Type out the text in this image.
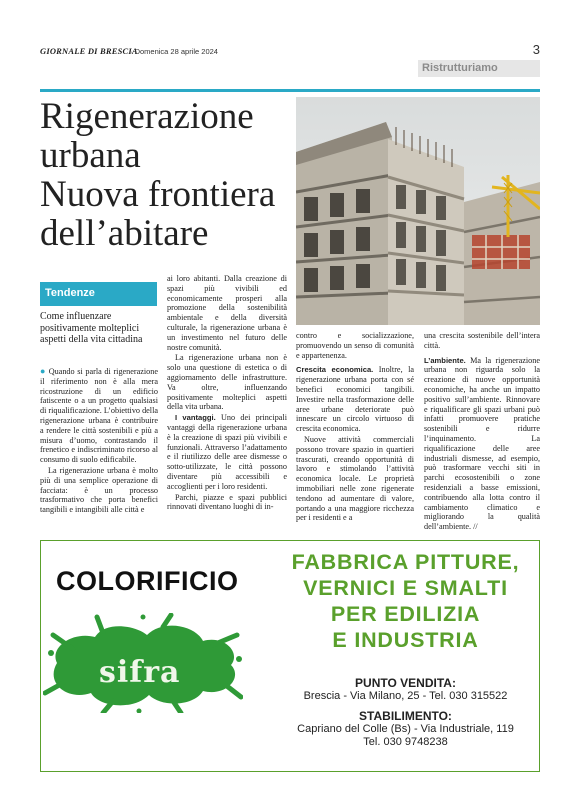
GIORNALE DI BRESCIA
· Domenica 28 aprile 2024	3
Ristrutturiamo
Rigenerazione
urbana
Nuova frontiera
dell’abitare
Tendenze
Come influenzare positivamente molteplici aspetti della vita cittadina

● Quando si parla di rigenerazione il riferimento non è alla mera ricostruzione di un edificio fatiscente o a un progetto qualsiasi di riqualificazione. L’obiettivo della rigenerazione urbana è contribuire a rendere le città sostenibili e più a misura d’uomo, contrastando il frenetico e indiscriminato ricorso al consumo di suolo edificabile.

La rigenerazione urbana è molto più di una semplice operazione di facciata: è un processo trasformativo che porta benefici tangibili e intangibili alle città e

ai loro abitanti. Dalla creazione di spazi più vivibili ed economicamente prosperi alla promozione della sostenibilità ambientale e della diversità culturale, la rigenerazione urbana è un investimento nel futuro delle nostre comunità.

La rigenerazione urbana non è solo una questione di estetica o di aggiornamento delle infrastrutture. Va oltre, influenzando positivamente molteplici aspetti della vita urbana.

I vantaggi. Uno dei principali vantaggi della rigenerazione urbana è la creazione di spazi più vivibili e funzionali. Attraverso l’adattamento e il riutilizzo delle aree dismesse o sotto-utilizzate, le città possono diventare più accessibili e accoglienti per i loro residenti.

Parchi, piazze e spazi pubblici rinnovati diventano luoghi di in-

contro e socializzazione, promuovendo un senso di comunità e appartenenza.

Crescita economica. Inoltre, la rigenerazione urbana porta con sé benefici economici tangibili. Investire nella trasformazione delle aree urbane deteriorate può innescare un circolo virtuoso di crescita economica.

Nuove attività commerciali possono trovare spazio in quartieri trascurati, creando opportunità di lavoro e stimolando l’attività economica locale. Le proprietà immobiliari nelle zone rigenerate tendono ad aumentare di valore, portando a una maggiore ricchezza per i residenti e a

una crescita sostenibile dell’intera città.

L’ambiente. Ma la rigenerazione urbana non riguarda solo la creazione di nuove opportunità economiche, ha anche un impatto positivo sull’ambiente. Rinnovare e riqualificare gli spazi urbani può infatti promuovere pratiche sostenibili e ridurre l’inquinamento. La riqualificazione delle aree industriali dismesse, ad esempio, può trasformare vecchi siti in parchi ecosostenibili o zone residenziali a basse emissioni, contribuendo alla lotta contro il cambiamento climatico e migliorando la qualità dell’ambiente. //

COLORIFICIO
sifra
FABBRICA PITTURE,
VERNICI E SMALTI
PER EDILIZIA
E INDUSTRIA
PUNTO VENDITA:
Brescia - Via Milano, 25 - Tel. 030 315522
STABILIMENTO:
Capriano del Colle (Bs) - Via Industriale, 119
Tel. 030 9748238
